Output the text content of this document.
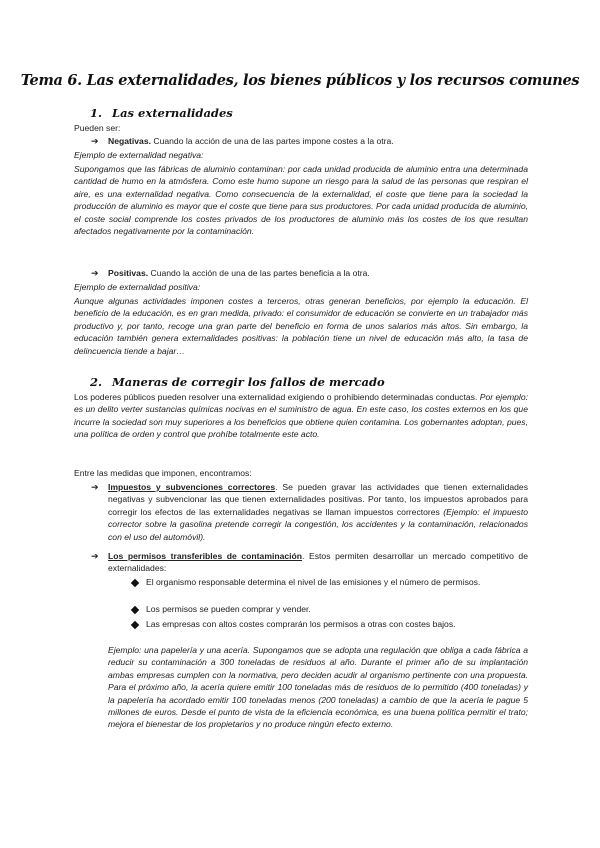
Tema 6. Las externalidades, los bienes públicos y los recursos comunes
1. Las externalidades
Pueden ser:
➔ Negativas. Cuando la acción de una de las partes impone costes a la otra.
Ejemplo de externalidad negativa:
Supongamos que las fábricas de aluminio contaminan: por cada unidad producida de aluminio entra una determinada cantidad de humo en la atmósfera. Como este humo supone un riesgo para la salud de las personas que respiran el aire, es una externalidad negativa. Como consecuencia de la externalidad, el coste que tiene para la sociedad la producción de aluminio es mayor que el coste que tiene para sus productores. Por cada unidad producida de aluminio, el coste social comprende los costes privados de los productores de aluminio más los costes de los que resultan afectados negativamente por la contaminación.
➔ Positivas. Cuando la acción de una de las partes beneficia a la otra.
Ejemplo de externalidad positiva:
Aunque algunas actividades imponen costes a terceros, otras generan beneficios, por ejemplo la educación. El beneficio de la educación, es en gran medida, privado: el consumidor de educación se convierte en un trabajador más productivo y, por tanto, recoge una gran parte del beneficio en forma de unos salarios más altos. Sin embargo, la educación también genera externalidades positivas: la población tiene un nivel de educación más alto, la tasa de delincuencia tiende a bajar…
2. Maneras de corregir los fallos de mercado
Los poderes públicos pueden resolver una externalidad exigiendo o prohibiendo determinadas conductas. Por ejemplo: es un delito verter sustancias químicas nocivas en el suministro de agua. En este caso, los costes externos en los que incurre la sociedad son muy superiores a los beneficios que obtiene quien contamina. Los gobernantes adoptan, pues, una política de orden y control que prohíbe totalmente este acto.
Entre las medidas que imponen, encontramos:
➔ Impuestos y subvenciones correctores. Se pueden gravar las actividades que tienen externalidades negativas y subvencionar las que tienen externalidades positivas. Por tanto, los impuestos aprobados para corregir los efectos de las externalidades negativas se llaman impuestos correctores (Ejemplo: el impuesto corrector sobre la gasolina pretende corregir la congestión, los accidentes y la contaminación, relacionados con el uso del automóvil).
➔ Los permisos transferibles de contaminación. Estos permiten desarrollar un mercado competitivo de externalidades:
El organismo responsable determina el nivel de las emisiones y el número de permisos.
Los permisos se pueden comprar y vender.
Las empresas con altos costes comprarán los permisos a otras con costes bajos.
Ejemplo: una papelería y una acería. Supongamos que se adopta una regulación que obliga a cada fábrica a reducir su contaminación a 300 toneladas de residuos al año. Durante el primer año de su implantación ambas empresas cumplen con la normativa, pero deciden acudir al organismo pertinente con una propuesta. Para el próximo año, la acería quiere emitir 100 toneladas más de residuos de lo permitido (400 toneladas) y la papelería ha acordado emitir 100 toneladas menos (200 toneladas) a cambio de que la acería le pague 5 millones de euros. Desde el punto de vista de la eficiencia económica, es una buena política permitir el trato; mejora el bienestar de los propietarios y no produce ningún efecto externo.
